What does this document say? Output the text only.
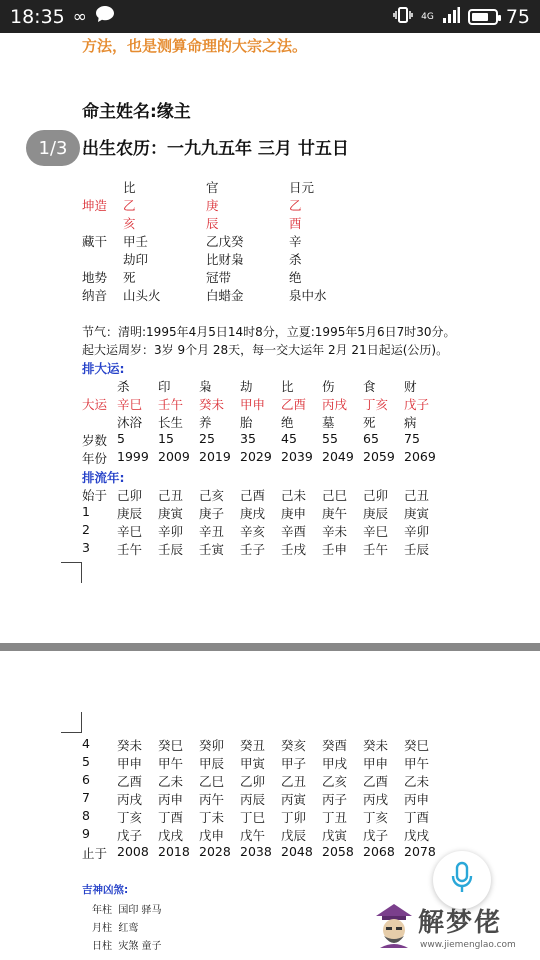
18:35 ∞	4G	75
方法，也是测算命理的大宗之法。
命主姓名:缘主
出生农历：一九九五年 三月 廿五日
1/3
比	官	日元
坤造 乙	庚	乙
亥	辰	酉
藏干 甲壬	乙戊癸	辛
劫印	比财枭	杀
地势 死	冠带	绝
纳音 山头火	白蜡金	泉中水
节气：清明:1995年4月5日14时8分，立夏:1995年5月6日7时30分。
起大运周岁：3岁 9个月 28天，每一交大运年 2月 21日起运(公历)。
排大运:
杀 印 枭 劫 比 伤 食 财
大运 辛巳 壬午 癸未 甲申 乙酉 丙戌 丁亥 戊子
沐浴 长生 养 胎 绝 墓 死 病
岁数 5	15 25 35 45 55 65 75
年份 1999 2009 2019 2029 2039 2049 2059 2069
排流年:
始于 己卯 己丑 己亥 己酉 己未 己巳 己卯 己丑
1 庚辰 庚寅 庚子 庚戌 庚申 庚午 庚辰 庚寅
2 辛巳 辛卯 辛丑 辛亥 辛酉 辛未 辛巳 辛卯
3 壬午 壬辰 壬寅 壬子 壬戌 壬申 壬午 壬辰
4 癸未 癸巳 癸卯 癸丑 癸亥 癸酉 癸未 癸巳
5 甲申 甲午 甲辰 甲寅 甲子 甲戌 甲申 甲午
6 乙酉 乙未 乙巳 乙卯 乙丑 乙亥 乙酉 乙未
7 丙戌 丙申 丙午 丙辰 丙寅 丙子 丙戌 丙申
8 丁亥 丁酉 丁未 丁巳 丁卯 丁丑 丁亥 丁酉
9 戊子 戊戌 戊申 戊午 戊辰 戊寅 戊子 戊戌
止于 2008 2018 2028 2038 2048 2058 2068 2078
吉神凶煞:
年柱 国印 驿马
月柱 红鸾
日柱 灾煞 童子
解梦佬
www.jiemenglao.com
